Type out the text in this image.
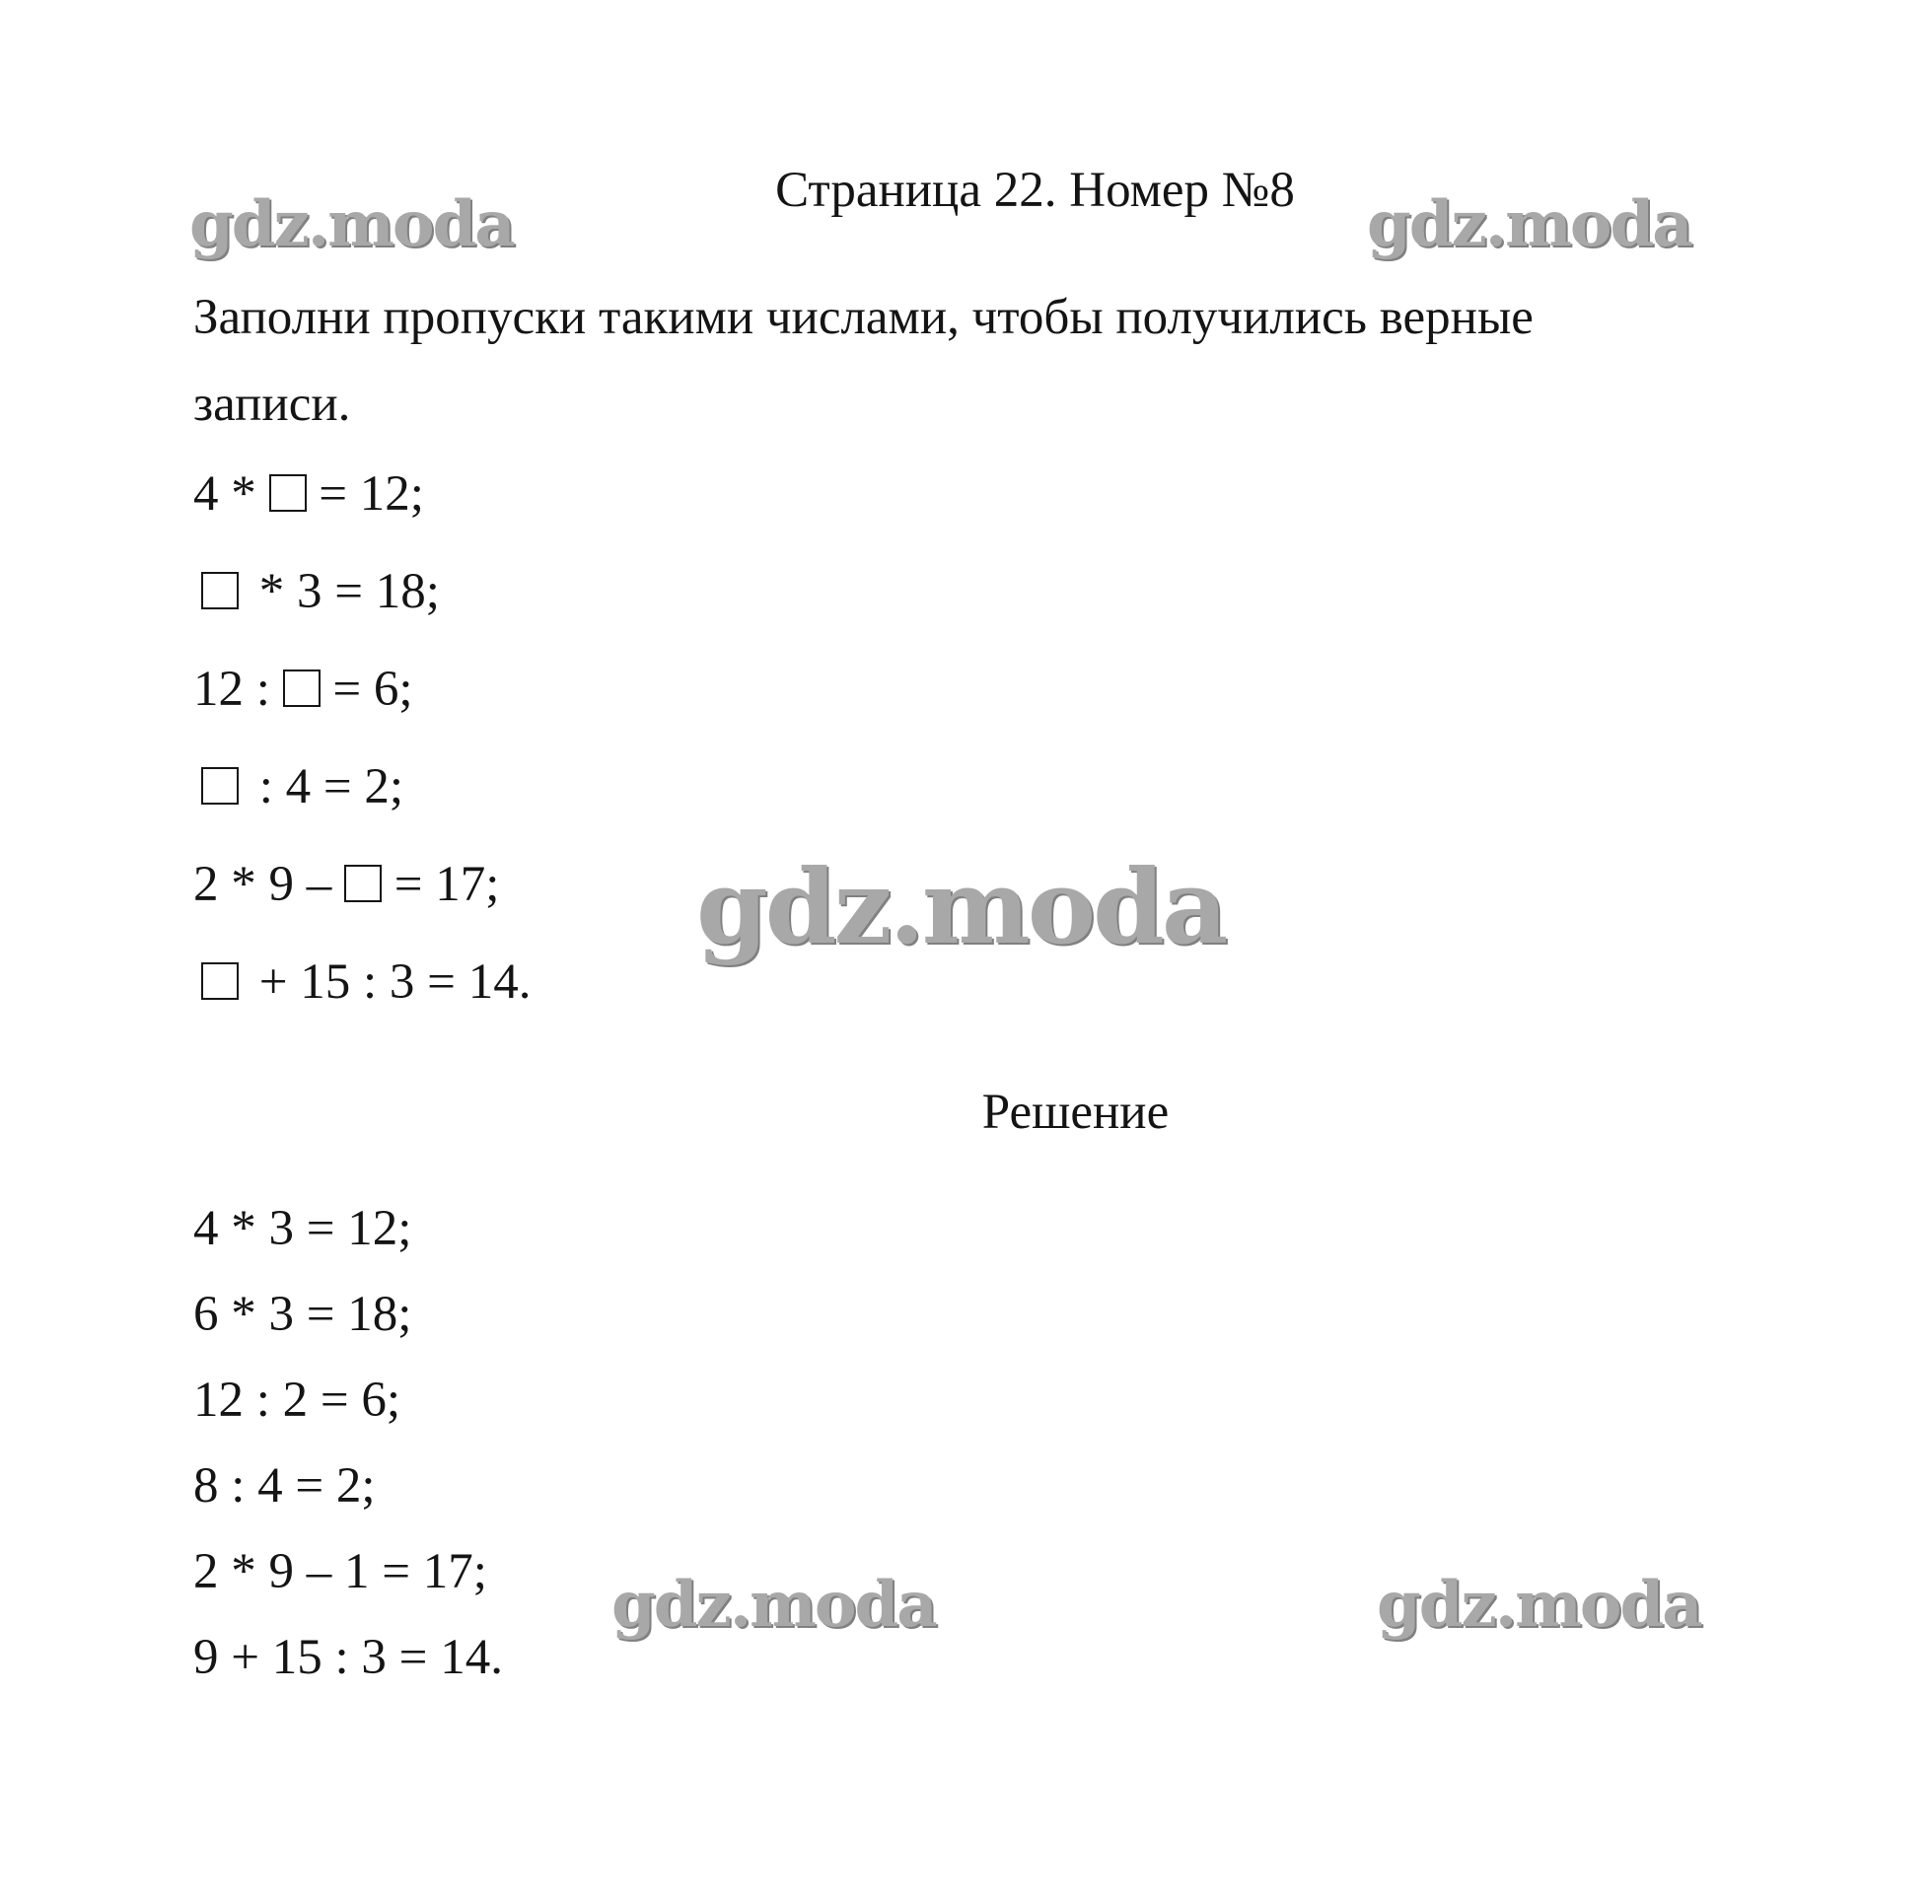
gdz.moda	gdz.moda
gdz.moda
gdz.moda	gdz.moda

Страница 22. Номер №8

Заполни пропуски такими числами, чтобы получились верные

записи.

4 *  = 12;

* 3 = 18;

12 :  = 6;

: 4 = 2;

2 * 9 –  = 17;

+ 15 : 3 = 14.

Решение

4 * 3 = 12;

6 * 3 = 18;

12 : 2 = 6;

8 : 4 = 2;

2 * 9 – 1 = 17;

9 + 15 : 3 = 14.
